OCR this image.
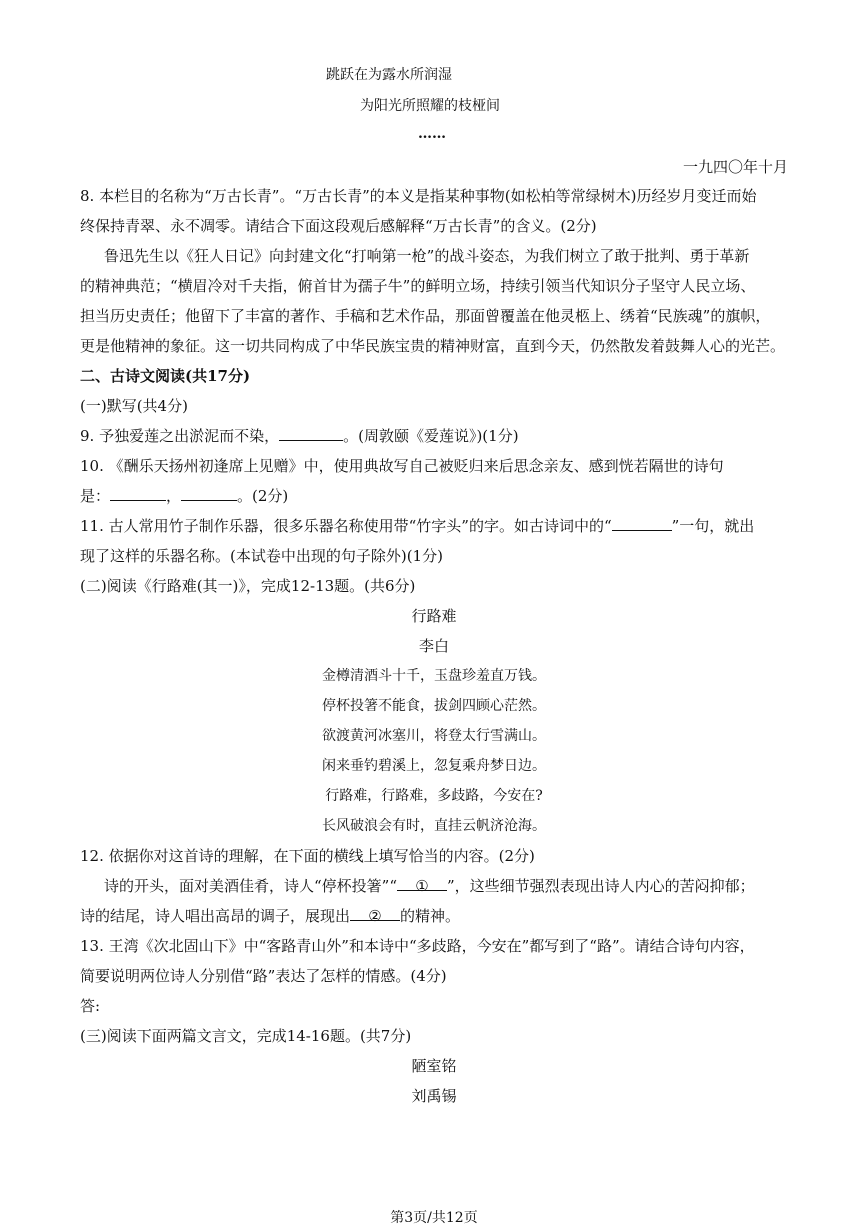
跳跃在为露水所润湿
为阳光所照耀的枝桠间
……
一九四〇年十月
8. 本栏目的名称为“万古长青”。“万古长青”的本义是指某种事物(如松柏等常绿树木)历经岁月变迁而始
终保持青翠、永不凋零。请结合下面这段观后感解释“万古长青”的含义。(2分)
鲁迅先生以《狂人日记》向封建文化“打响第一枪”的战斗姿态，为我们树立了敢于批判、勇于革新
的精神典范；“横眉冷对千夫指，俯首甘为孺子牛”的鲜明立场，持续引领当代知识分子坚守人民立场、
担当历史责任；他留下了丰富的著作、手稿和艺术作品，那面曾覆盖在他灵柩上、绣着“民族魂”的旗帜，
更是他精神的象征。这一切共同构成了中华民族宝贵的精神财富，直到今天，仍然散发着鼓舞人心的光芒。
二、古诗文阅读(共17分)
(一)默写(共4分)
9. 予独爱莲之出淤泥而不染，	。(周敦颐《爱莲说》)(1分)
10. 《酬乐天扬州初逢席上见赠》中，使用典故写自己被贬归来后思念亲友、感到恍若隔世的诗句
是：	，	。(2分)
11. 古人常用竹子制作乐器，很多乐器名称使用带“竹字头”的字。如古诗词中的“	”一句，就出
现了这样的乐器名称。(本试卷中出现的句子除外)(1分)
(二)阅读《行路难(其一)》，完成12-13题。(共6分)
行路难
李白
金樽清酒斗十千，玉盘珍羞直万钱。
停杯投箸不能食，拔剑四顾心茫然。
欲渡黄河冰塞川，将登太行雪满山。
闲来垂钓碧溪上，忽复乘舟梦日边。
行路难，行路难，多歧路，今安在?
长风破浪会有时，直挂云帆济沧海。
12. 依据你对这首诗的理解，在下面的横线上填写恰当的内容。(2分)
诗的开头，面对美酒佳肴，诗人“停杯投箸”“ ① ”，这些细节强烈表现出诗人内心的苦闷抑郁；
诗的结尾，诗人唱出高昂的调子，展现出 ② 的精神。
13. 王湾《次北固山下》中“客路青山外”和本诗中“多歧路，今安在”都写到了“路”。请结合诗句内容，
简要说明两位诗人分别借“路”表达了怎样的情感。(4分)
答:
(三)阅读下面两篇文言文，完成14-16题。(共7分)
陋室铭
刘禹锡
第3页/共12页
